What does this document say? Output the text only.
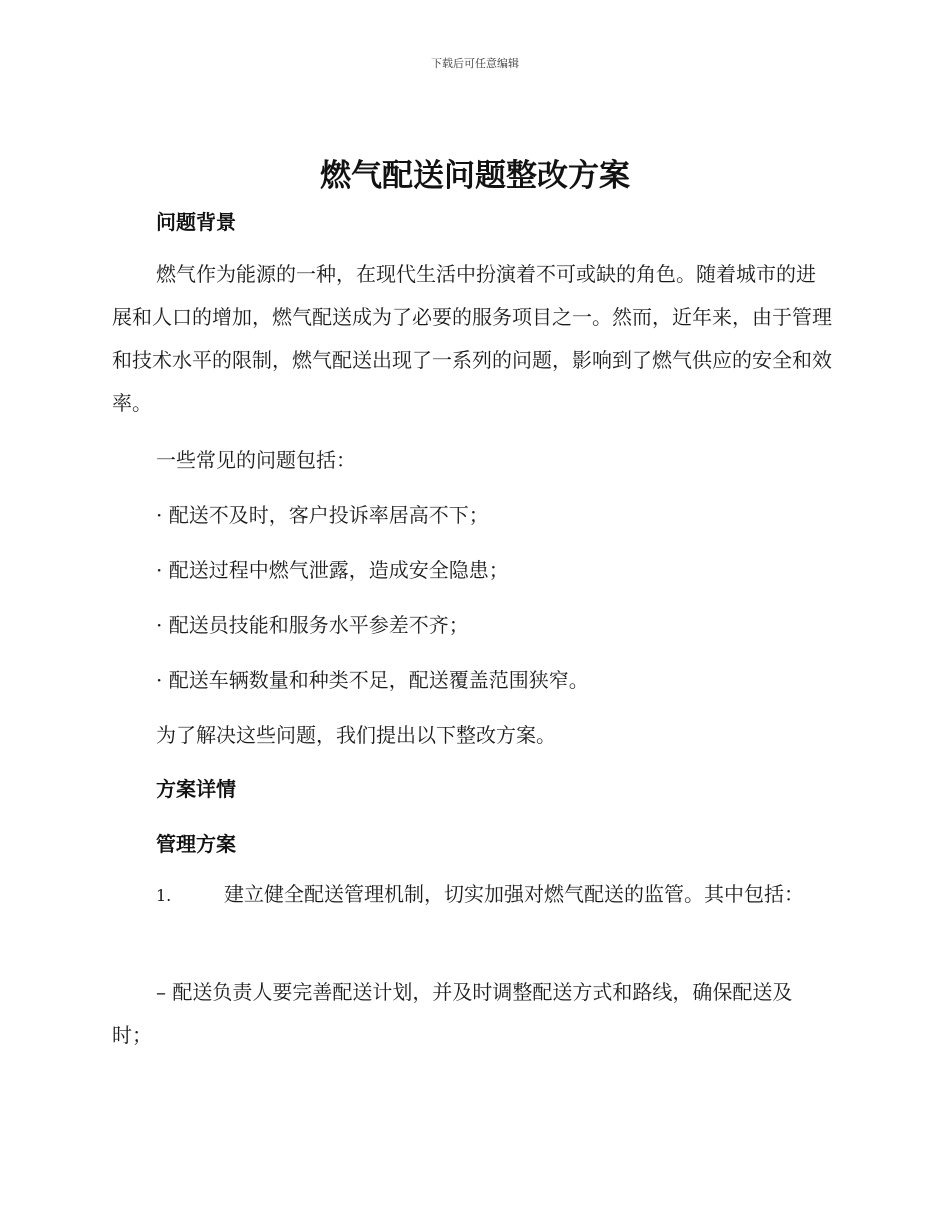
下载后可任意编辑
燃气配送问题整改方案
问题背景
燃气作为能源的一种，在现代生活中扮演着不可或缺的角色。随着城市的进展和人口的增加，燃气配送成为了必要的服务项目之一。然而，近年来，由于管理和技术水平的限制，燃气配送出现了一系列的问题，影响到了燃气供应的安全和效率。
一些常见的问题包括：
· 配送不及时，客户投诉率居高不下；
· 配送过程中燃气泄露，造成安全隐患；
· 配送员技能和服务水平参差不齐；
· 配送车辆数量和种类不足，配送覆盖范围狭窄。
为了解决这些问题，我们提出以下整改方案。
方案详情
管理方案
1.	建立健全配送管理机制，切实加强对燃气配送的监管。其中包括：
– 配送负责人要完善配送计划，并及时调整配送方式和路线，确保配送及时；
